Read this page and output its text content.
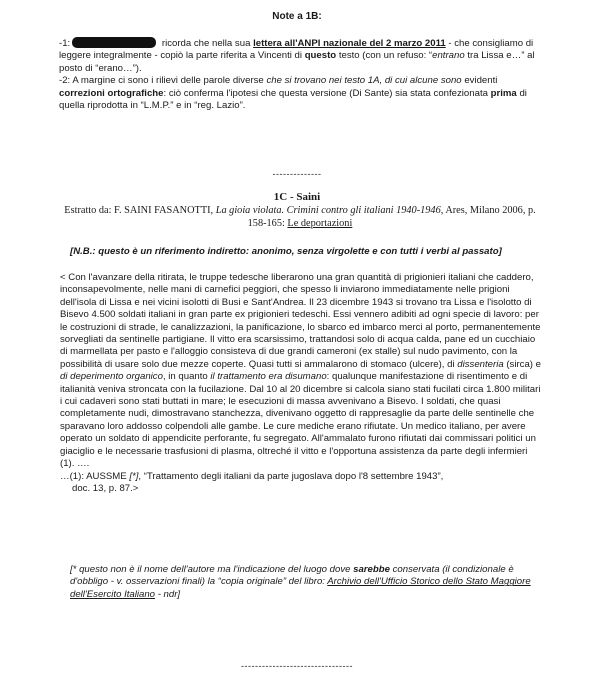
Note a 1B:

-1:	ricorda che nella sua lettera all'ANPI nazionale del 2 marzo 2011 - che consigliamo di leggere integralmente - copiò la parte riferita a Vincenti di questo testo (con un refuso: “entrano tra Lissa e…” al posto di “erano…”).

-2: A margine ci sono i rilievi delle parole diverse che si trovano nei testo 1A, di cui alcune sono evidenti correzioni ortografiche: ciò conferma l'ipotesi che questa versione (Di Sante) sia stata confezionata prima di quella riprodotta in “L.M.P.” e in “reg. Lazio”.

--------------
1C - Saini
Estratto da: F. SAINI FASANOTTI, La gioia violata. Crimini contro gli italiani 1940-1946, Ares, Milano 2006, p. 158-165: Le deportazioni
[N.B.: questo è un riferimento indiretto: anonimo, senza virgolette e con tutti i verbi al passato]

< Con l'avanzare della ritirata, le truppe tedesche liberarono una gran quantità di prigionieri italiani che caddero, inconsapevolmente, nelle mani di carnefici peggiori, che spesso li inviarono immediatamente nelle prigioni dell'isola di Lissa e nei vicini isolotti di Busi e Sant'Andrea. Il 23 dicembre 1943 si trovano tra Lissa e l'isolotto di Bisevo 4.500 soldati italiani in gran parte ex prigionieri tedeschi. Essi vennero adibiti ad ogni specie di lavoro: per le costruzioni di strade, le canalizzazioni, la panificazione, lo sbarco ed imbarco merci al porto, permanentemente sorvegliati da sentinelle partigiane. Il vitto era scarsissimo, trattandosi solo di acqua calda, pane ed un cucchiaio di marmellata per pasto e l'alloggio consisteva di due grandi cameroni (ex stalle) sul nudo pavimento, con la possibilità di usare solo due mezze coperte. Quasi tutti si ammalarono di stomaco (ulcere), di dissenteria (sirca) e di deperimento organico, in quanto il trattamento era disumano: qualunque manifestazione di risentimento e di italianità veniva stroncata con la fucilazione. Dal 10 al 20 dicembre si calcola siano stati fucilati circa 1.800 militari i cui cadaveri sono stati buttati in mare; le esecuzioni di massa avvenivano a Bisevo. I soldati, che quasi completamente nudi, dimostravano stanchezza, divenivano oggetto di rappresaglie da parte delle sentinelle che sparavano loro addosso colpendoli alle gambe. Le cure mediche erano rifiutate. Un medico italiano, per avere operato un soldato di appendicite perforante, fu segregato. All'ammalato furono rifiutati dai commissari politici un giaciglio e le necessarie trasfusioni di plasma, oltreché il vitto e l'opportuna assistenza da parte degli infermieri (1). ….

…(1): AUSSME [*], “Trattamento degli italiani da parte jugoslava dopo l'8 settembre 1943”,

doc. 13, p. 87.>

[* questo non è il nome dell'autore ma l'indicazione del luogo dove sarebbe conservata (il condizionale è d'obbligo - v. osservazioni finali) la “copia originale” del libro: Archivio dell'Ufficio Storico dello Stato Maggiore dell'Esercito Italiano - ndr]

--------------------------------
